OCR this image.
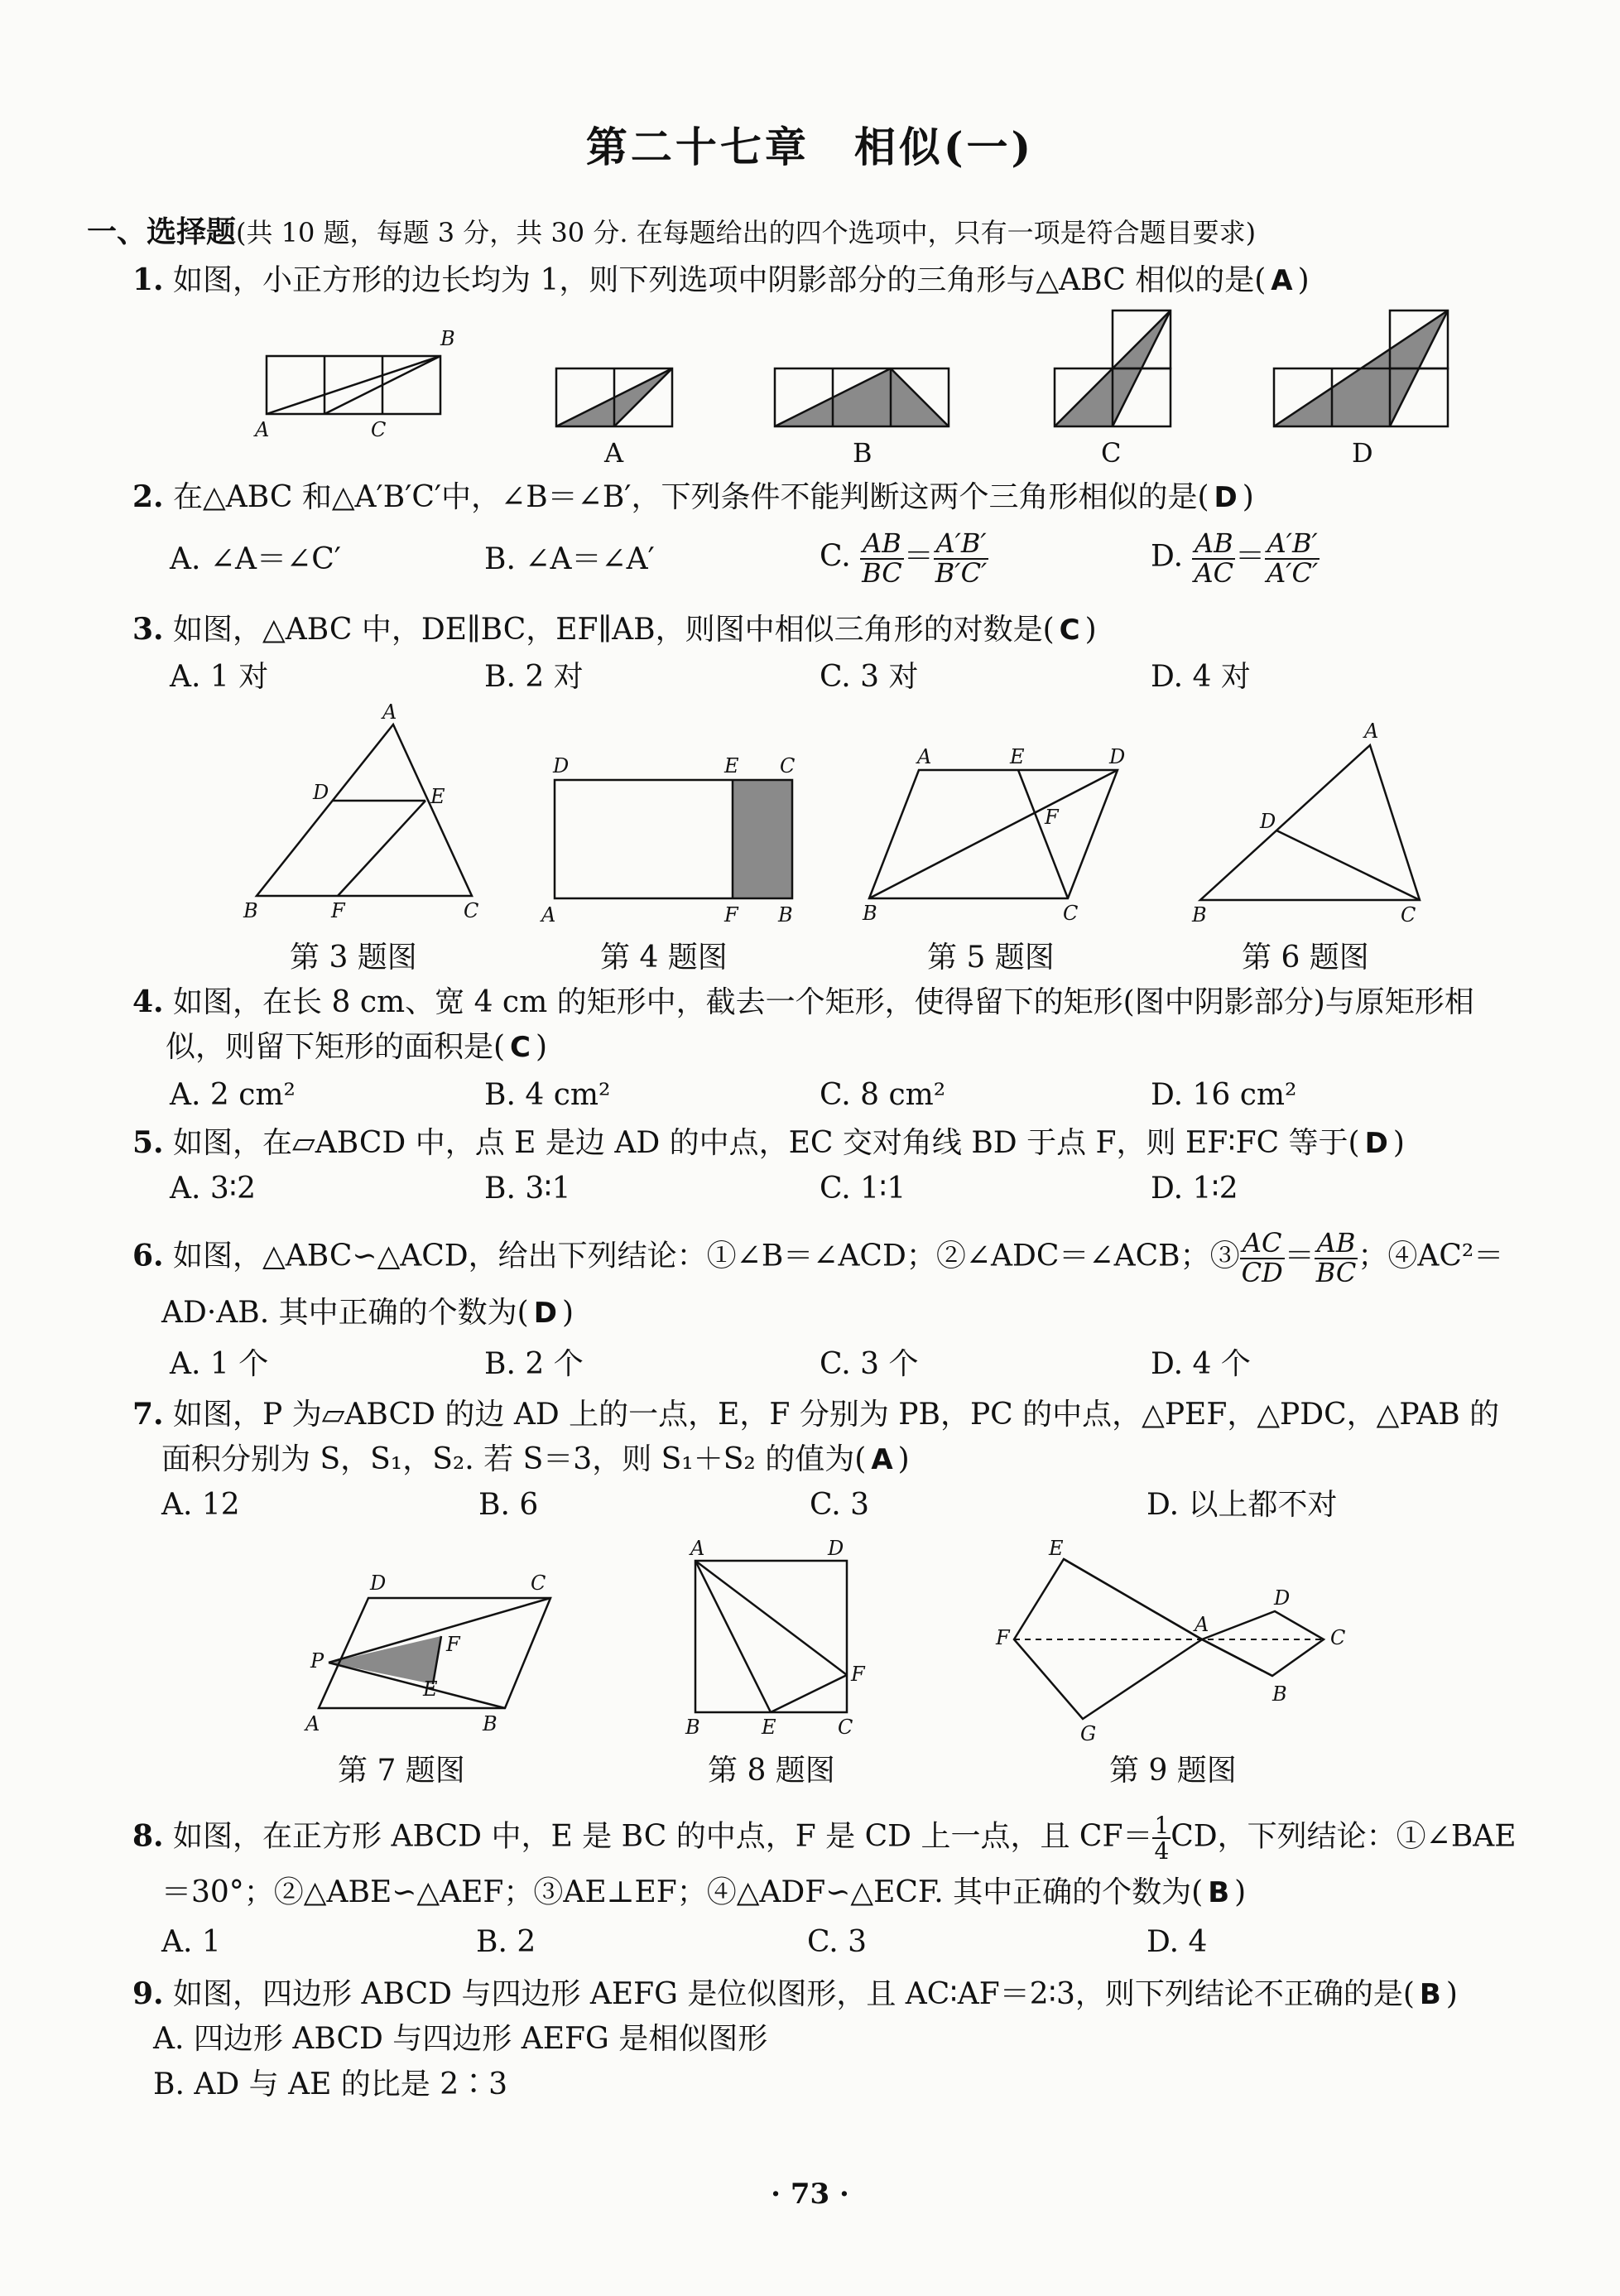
第二十七章　相似(一)
一、选择题(共 10 题，每题 3 分，共 30 分. 在每题给出的四个选项中，只有一项是符合题目要求)
1. 如图，小正方形的边长均为 1，则下列选项中阴影部分的三角形与△ABC 相似的是( A )
A	C
B
A	B	C	D
2. 在△ABC 和△A′B′C′中，∠B＝∠B′，下列条件不能判断这两个三角形相似的是( D )
A. ∠A＝∠C′	B. ∠A＝∠A′	C. $\frac{AB}{BC} = \frac{A'B'}{B'C'}$	D. $\frac{AB}{AC} = \frac{A'B'}{A'C'}$
3. 如图，△ABC 中，DE∥BC，EF∥AB，则图中相似三角形的对数是( C )
A. 1 对	B. 2 对	C. 3 对	D. 4 对
A
D	E
B	F	C
第 3 题图
D	E C
A	F B
第 4 题图
A	E	D
F
B	C
第 5 题图
A
D
B	C
第 6 题图
4. 如图，在长 8 cm、宽 4 cm 的矩形中，截去一个矩形，使得留下的矩形(图中阴影部分)与原矩形相
似，则留下矩形的面积是( C )
A. 2 cm²	B. 4 cm²	C. 8 cm²	D. 16 cm²
5. 如图，在▱ABCD 中，点 E 是边 AD 的中点，EC 交对角线 BD 于点 F，则 EF∶FC 等于( D )
A. 3∶2	B. 3∶1	C. 1∶1	D. 1∶2
6. 如图，△ABC∽△ACD，给出下列结论：①∠B＝∠ACD；②∠ADC＝∠ACB；③ $\frac{AC}{CD} = \frac{AB}{BC}$ ；④AC²＝
AD·AB. 其中正确的个数为( D )
A. 1 个	B. 2 个	C. 3 个	D. 4 个
7. 如图，P 为▱ABCD 的边 AD 上的一点，E，F 分别为 PB，PC 的中点，△PEF，△PDC，△PAB 的
面积分别为 S，S₁，S₂. 若 S＝3，则 S₁＋S₂ 的值为( A )
A. 12	B. 6	C. 3	D. 以上都不对
D	C
P
F
E
A	B
第 7 题图
A	D
F
B	E	C
第 8 题图
E
D
F
A
C
B
G
第 9 题图
8. 如图，在正方形 ABCD 中，E 是 BC 的中点，F 是 CD 上一点，且 $CF= \frac{1}{4}$ CD，下列结论：①∠BAE
＝30°；②△ABE∽△AEF；③AE⊥EF；④△ADF∽△ECF. 其中正确的个数为( B )
A. 1	B. 2	C. 3	D. 4
9. 如图，四边形 ABCD 与四边形 AEFG 是位似图形，且 AC∶AF＝2∶3，则下列结论不正确的是( B )
A. 四边形 ABCD 与四边形 AEFG 是相似图形
B. AD 与 AE 的比是 2∶3
· 73 ·
